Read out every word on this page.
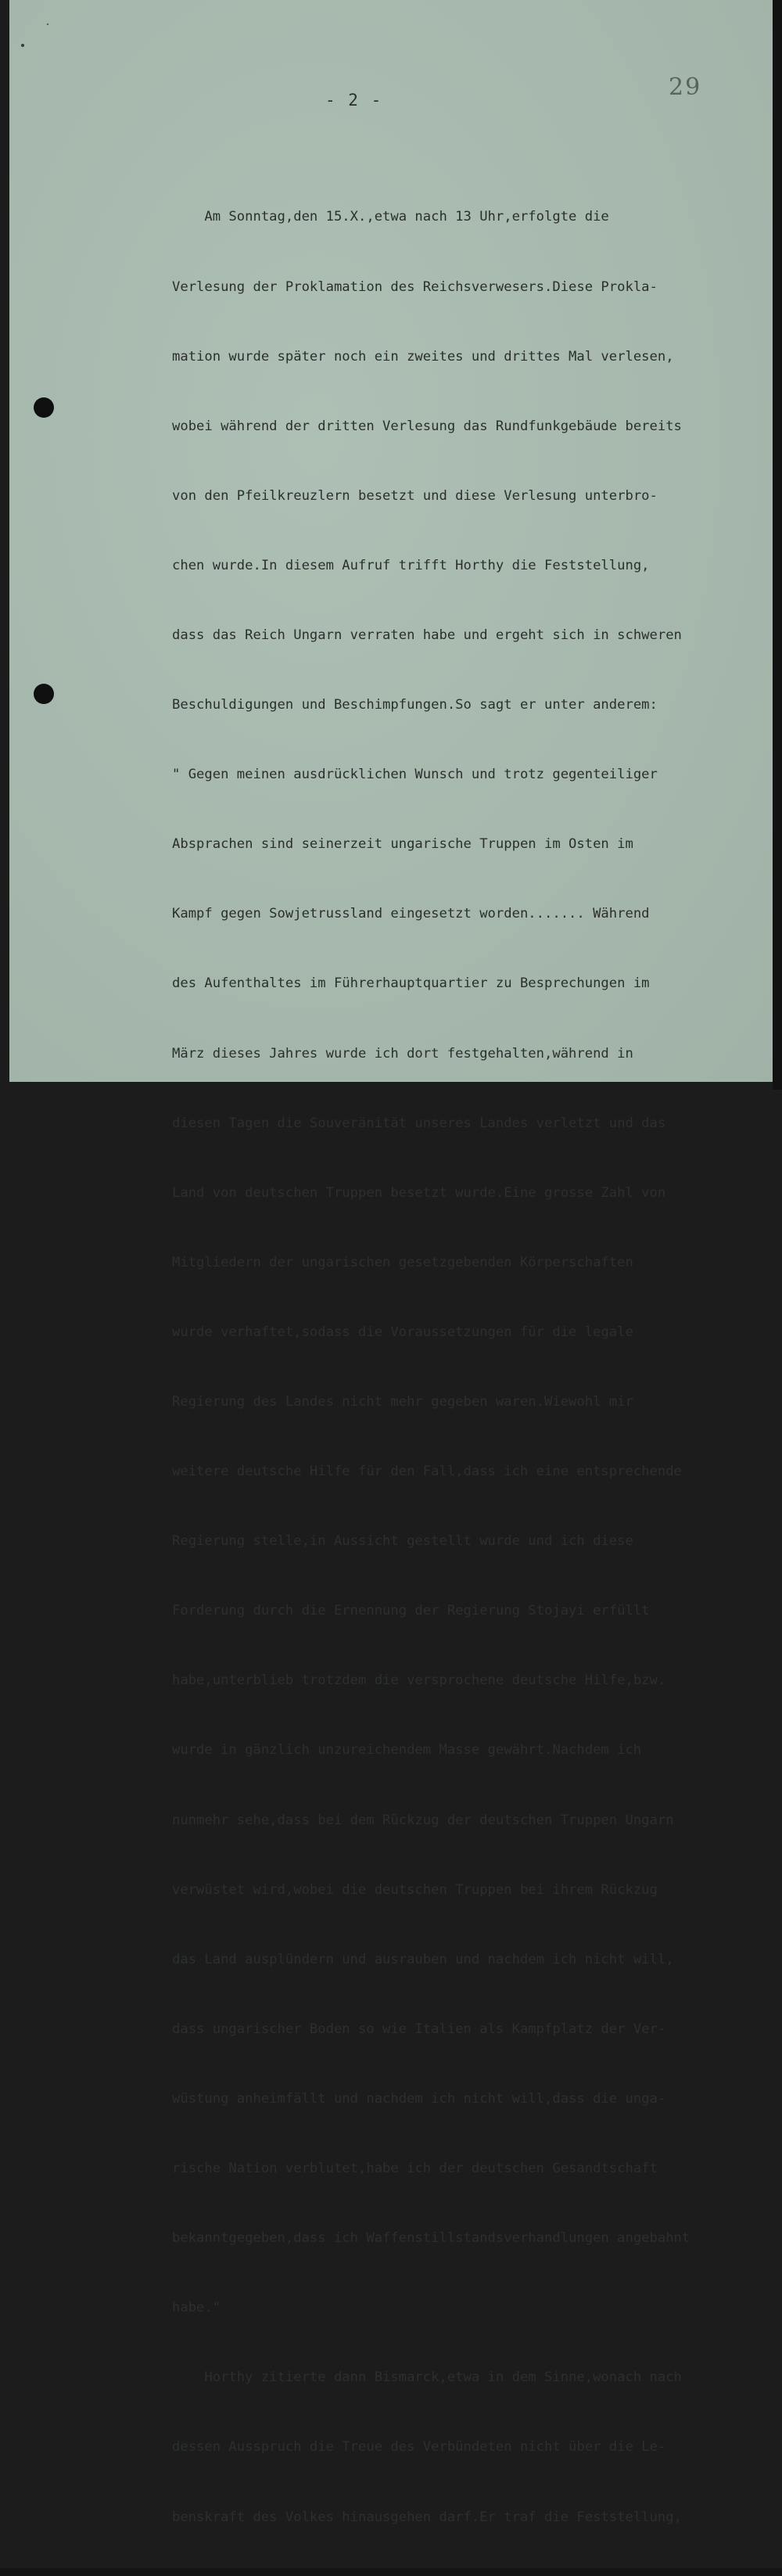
- 2 -	29

Am Sonntag,den 15.X.,etwa nach 13 Uhr,erfolgte die

Verlesung der Proklamation des Reichsverwesers.Diese Prokla-

mation wurde später noch ein zweites und drittes Mal verlesen,

wobei während der dritten Verlesung das Rundfunkgebäude bereits

von den Pfeilkreuzlern besetzt und diese Verlesung unterbro-

chen wurde.In diesem Aufruf trifft Horthy die Feststellung,

dass das Reich Ungarn verraten habe und ergeht sich in schweren

Beschuldigungen und Beschimpfungen.So sagt er unter anderem:

" Gegen meinen ausdrücklichen Wunsch und trotz gegenteiliger

Absprachen sind seinerzeit ungarische Truppen im Osten im

Kampf gegen Sowjetrussland eingesetzt worden....... Während

des Aufenthaltes im Führerhauptquartier zu Besprechungen im

März dieses Jahres wurde ich dort festgehalten,während in

diesen Tagen die Souveränität unseres Landes verletzt und das

Land von deutschen Truppen besetzt wurde.Eine grosse Zahl von

Mitgliedern der ungarischen gesetzgebenden Körperschaften

wurde verhaftet,sodass die Voraussetzungen für die legale

Regierung des Landes nicht mehr gegeben waren.Wiewohl mir

weitere deutsche Hilfe für den Fall,dass ich eine entsprechende

Regierung stelle,in Aussicht gestellt wurde und ich diese

Forderung durch die Ernennung der Regierung Stojayi erfüllt

habe,unterblieb trotzdem die versprochene deutsche Hilfe,bzw.

wurde in gänzlich unzureichendem Masse gewährt.Nachdem ich

nunmehr sehe,dass bei dem Rückzug der deutschen Truppen Ungarn

verwüstet wird,wobei die deutschen Truppen bei ihrem Rückzug

das Land ausplündern und ausrauben und nachdem ich nicht will,

dass ungarischer Boden so wie Italien als Kampfplatz der Ver-

wüstung anheimfällt und nachdem ich nicht will,dass die unga-

rische Nation verblutet,habe ich der deutschen Gesandtschaft

bekanntgegeben,dass ich Waffenstillstandsverhandlungen angebahnt

habe."

Horthy zitierte dann Bismarck,etwa in dem Sinne,wonach nach

dessen Ausspruch die Treue des Verbündeten nicht über die Le-

benskraft des Volkes hinausgehen darf.Er traf die Feststellung,
